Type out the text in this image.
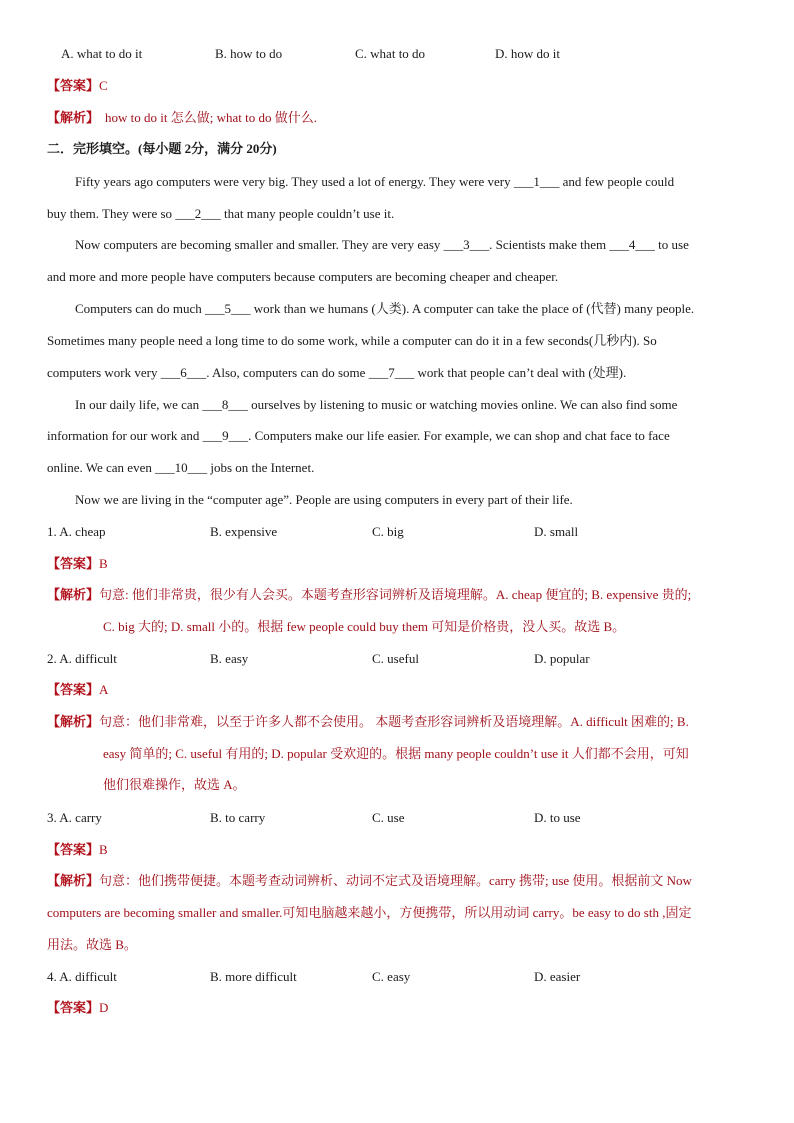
A. what to do it	B. how to do	C. what to do	D. how do it
【答案】C
【解析】 how to do it 怎么做; what to do 做什么.
二．完形填空。(每小题 2分，满分 20分)
Fifty years ago computers were very big. They used a lot of energy. They were very ___1___ and few people could
buy them. They were so ___2___ that many people couldn’t use it.
Now computers are becoming smaller and smaller. They are very easy ___3___. Scientists make them ___4___ to use
and more and more people have computers because computers are becoming cheaper and cheaper.
Computers can do much ___5___ work than we humans (人类). A computer can take the place of (代替) many people.
Sometimes many people need a long time to do some work, while a computer can do it in a few seconds(几秒内). So
computers work very ___6___. Also, computers can do some ___7___ work that people can’t deal with (处理).
In our daily life, we can ___8___ ourselves by listening to music or watching movies online. We can also find some
information for our work and ___9___. Computers make our life easier. For example, we can shop and chat face to face
online. We can even ___10___ jobs on the Internet.
Now we are living in the “computer age”. People are using computers in every part of their life.
1. A. cheap	B. expensive	C. big	D. small
【答案】B
【解析】句意: 他们非常贵，很少有人会买。本题考查形容词辨析及语境理解。A. cheap 便宜的; B. expensive 贵的;
C. big 大的; D. small 小的。根据 few people could buy them 可知是价格贵，没人买。故选 B。
2. A. difficult	B. easy	C. useful	D. popular
【答案】A
【解析】句意：他们非常难，以至于许多人都不会使用。 本题考查形容词辨析及语境理解。A. difficult 困难的; B.
easy 简单的; C. useful 有用的; D. popular 受欢迎的。根据 many people couldn’t use it 人们都不会用，可知
他们很难操作，故选 A。
3. A. carry	B. to carry	C. use	D. to use
【答案】B
【解析】句意：他们携带便捷。本题考查动词辨析、动词不定式及语境理解。carry 携带; use 使用。根据前文 Now
computers are becoming smaller and smaller.可知电脑越来越小，方便携带，所以用动词 carry。be easy to do sth ,固定
用法。故选 B。
4. A. difficult	B. more difficult	C. easy	D. easier
【答案】D
